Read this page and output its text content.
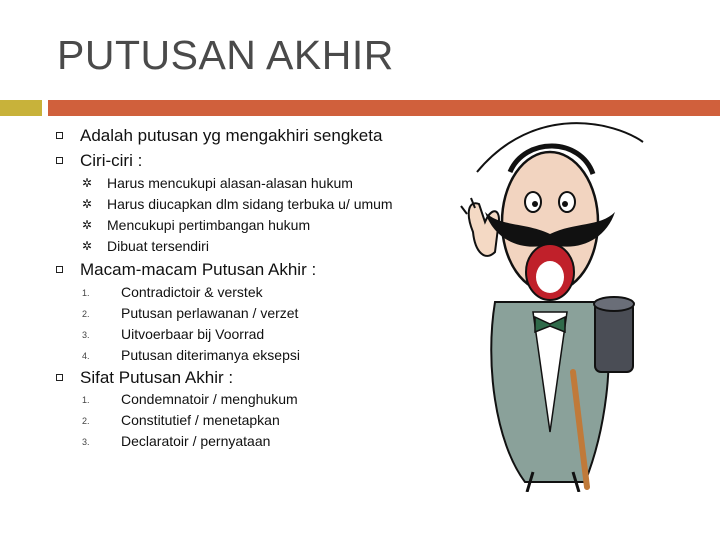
PUTUSAN AKHIR
Adalah putusan yg mengakhiri sengketa
Ciri-ciri :
✲ Harus mencukupi alasan-alasan hukum
✲ Harus diucapkan dlm sidang terbuka u/ umum
✲ Mencukupi pertimbangan hukum
✲ Dibuat tersendiri
Macam-macam Putusan Akhir :
1. Contradictoir & verstek
2. Putusan perlawanan / verzet
3. Uitvoerbaar bij Voorrad
4. Putusan diterimanya eksepsi
Sifat Putusan Akhir :
1. Condemnatoir / menghukum
2. Constitutief / menetapkan
3. Declaratoir / pernyataan
